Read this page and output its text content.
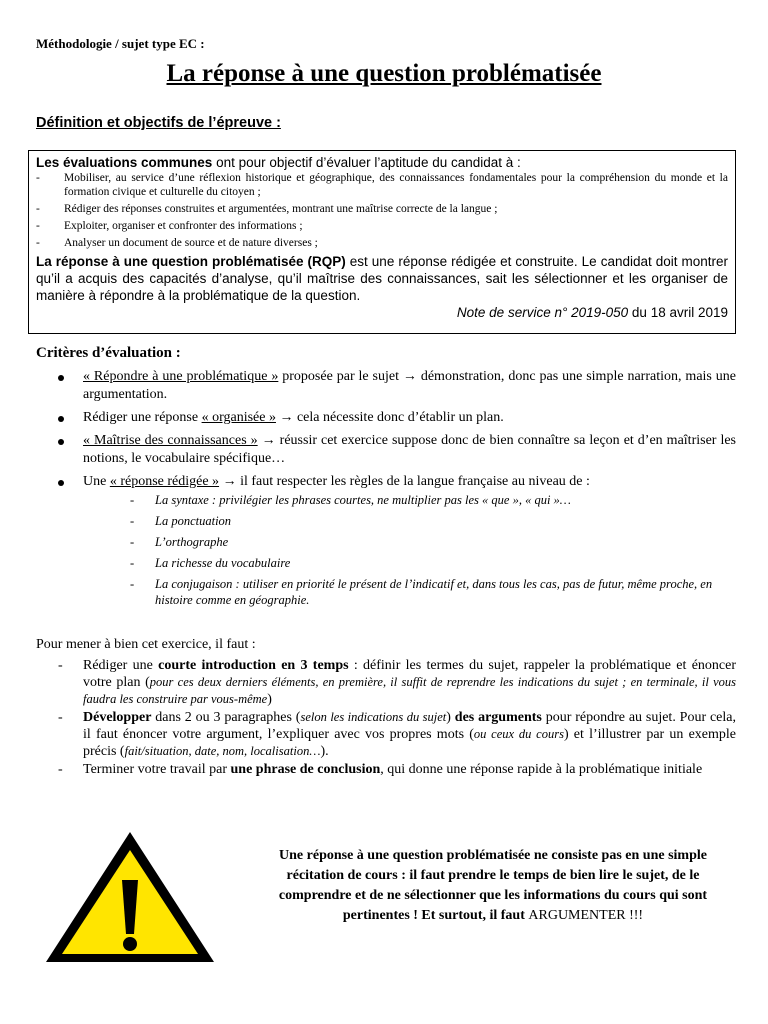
Méthodologie / sujet type EC :
La réponse à une question problématisée
Définition et objectifs de l’épreuve :
Les évaluations communes ont pour objectif d’évaluer l’aptitude du candidat à :
- Mobiliser, au service d’une réflexion historique et géographique, des connaissances fondamentales pour la compréhension du monde et la formation civique et culturelle du citoyen ;
- Rédiger des réponses construites et argumentées, montrant une maîtrise correcte de la langue ;
- Exploiter, organiser et confronter des informations ;
- Analyser un document de source et de nature diverses ;
La réponse à une question problématisée (RQP) est une réponse rédigée et construite. Le candidat doit montrer qu’il a acquis des capacités d’analyse, qu’il maîtrise des connaissances, sait les sélectionner et les organiser de manière à répondre à la problématique de la question.
Note de service n° 2019-050 du 18 avril 2019
Critères d’évaluation :
« Répondre à une problématique » proposée par le sujet → démonstration, donc pas une simple narration, mais une argumentation.
Rédiger une réponse « organisée » → cela nécessite donc d’établir un plan.
« Maîtrise des connaissances » → réussir cet exercice suppose donc de bien connaître sa leçon et d’en maîtriser les notions, le vocabulaire spécifique…
Une « réponse rédigée » → il faut respecter les règles de la langue française au niveau de :
- La syntaxe : privilégier les phrases courtes, ne multiplier pas les « que », « qui »…
- La ponctuation
- L’orthographe
- La richesse du vocabulaire
- La conjugaison : utiliser en priorité le présent de l’indicatif et, dans tous les cas, pas de futur, même proche, en histoire comme en géographie.
Pour mener à bien cet exercice, il faut :
- Rédiger une courte introduction en 3 temps : définir les termes du sujet, rappeler la problématique et énoncer votre plan (pour ces deux derniers éléments, en première, il suffit de reprendre les indications du sujet ; en terminale, il vous faudra les construire par vous-même)
- Développer dans 2 ou 3 paragraphes (selon les indications du sujet) des arguments pour répondre au sujet. Pour cela, il faut énoncer votre argument, l’expliquer avec vos propres mots (ou ceux du cours) et l’illustrer par un exemple précis (fait/situation, date, nom, localisation…).
- Terminer votre travail par une phrase de conclusion, qui donne une réponse rapide à la problématique initiale
Une réponse à une question problématisée ne consiste pas en une simple récitation de cours : il faut prendre le temps de bien lire le sujet, de le comprendre et de ne sélectionner que les informations du cours qui sont pertinentes ! Et surtout, il faut ARGUMENTER !!!
